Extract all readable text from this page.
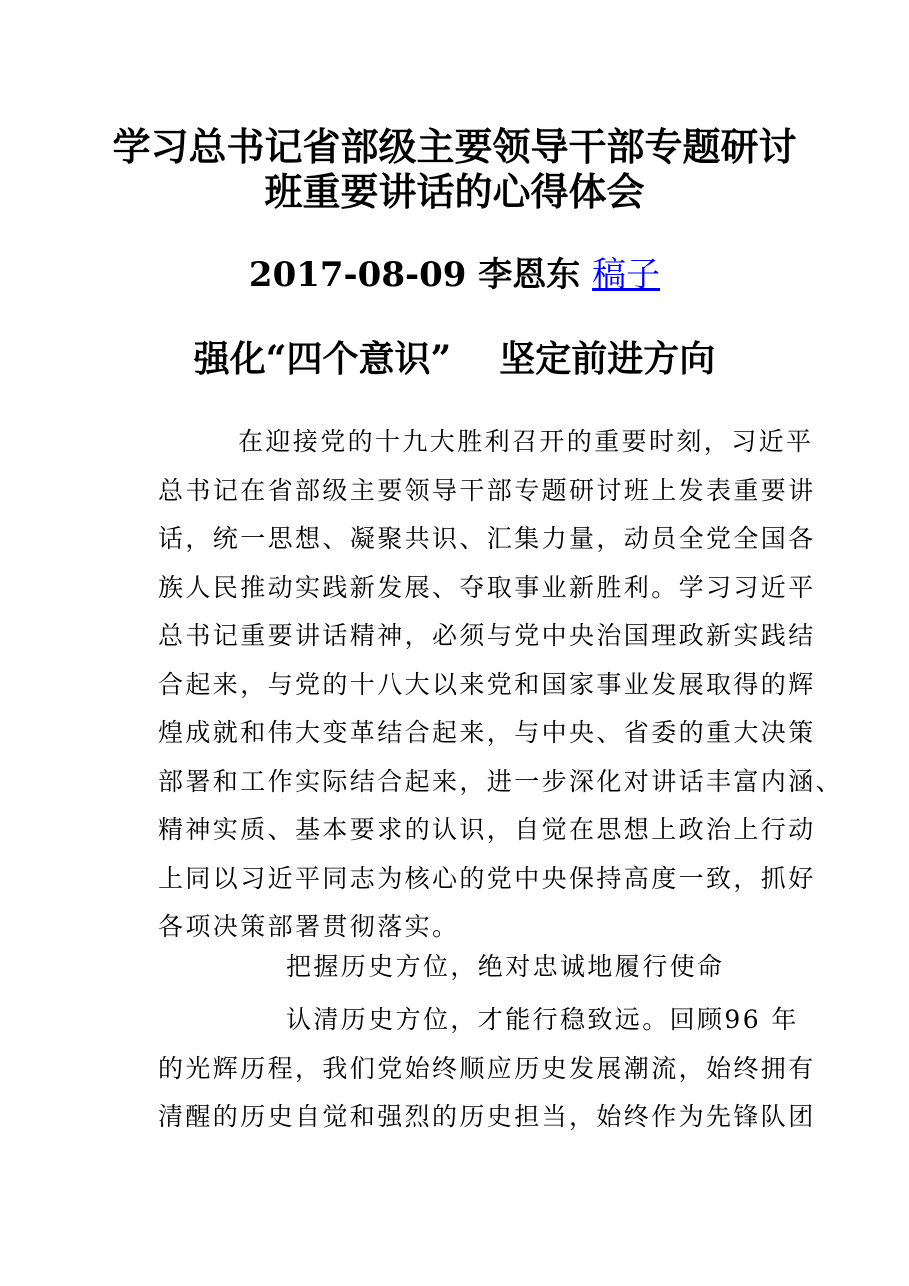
学习总书记省部级主要领导干部专题研讨
班重要讲话的心得体会
2017-08-09 李恩东 稿子
强化“四个意识” 坚定前进方向
在迎接党的十九大胜利召开的重要时刻，习近平
总书记在省部级主要领导干部专题研讨班上发表重要讲
话，统一思想、凝聚共识、汇集力量，动员全党全国各
族人民推动实践新发展、夺取事业新胜利。学习习近平
总书记重要讲话精神，必须与党中央治国理政新实践结
合起来，与党的十八大以来党和国家事业发展取得的辉
煌成就和伟大变革结合起来，与中央、省委的重大决策
部署和工作实际结合起来，进一步深化对讲话丰富内涵、
精神实质、基本要求的认识，自觉在思想上政治上行动
上同以习近平同志为核心的党中央保持高度一致，抓好
各项决策部署贯彻落实。
把握历史方位，绝对忠诚地履行使命
认清历史方位，才能行稳致远。回顾96 年
的光辉历程，我们党始终顺应历史发展潮流，始终拥有
清醒的历史自觉和强烈的历史担当，始终作为先锋队团
